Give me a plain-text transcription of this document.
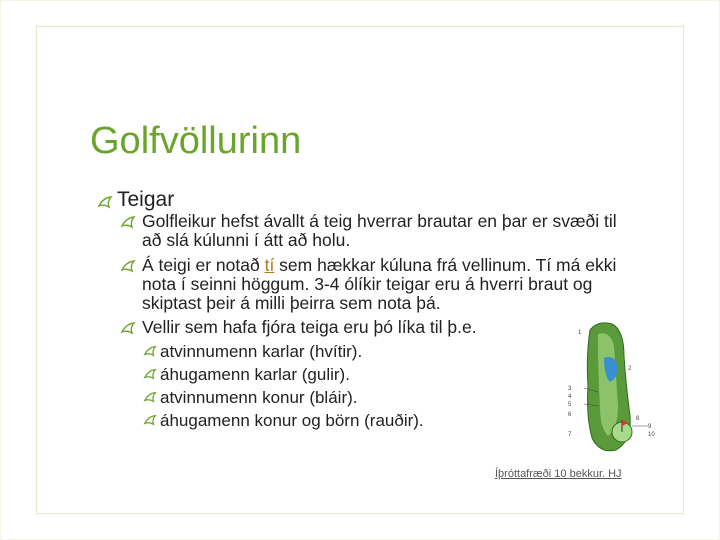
Golfvöllurinn
Teigar
Golfleikur hefst ávallt á teig hverrar brautar en þar er svæði til að slá kúlunni í átt að holu.
Á teigi er notað tí sem hækkar kúluna frá vellinum. Tí má ekki nota í seinni höggum. 3-4 ólíkir teigar eru á hverri braut og skiptast þeir á milli þeirra sem nota þá.
Vellir sem hafa fjóra teiga eru þó líka til þ.e.
atvinnumenn karlar (hvítir).
áhugamenn karlar (gulir).
atvinnumenn konur (bláir).
áhugamenn konur og börn (rauðir).
1
2
3
4
5
6
7
8
9
10
Íþróttafræði 10 bekkur. HJ
